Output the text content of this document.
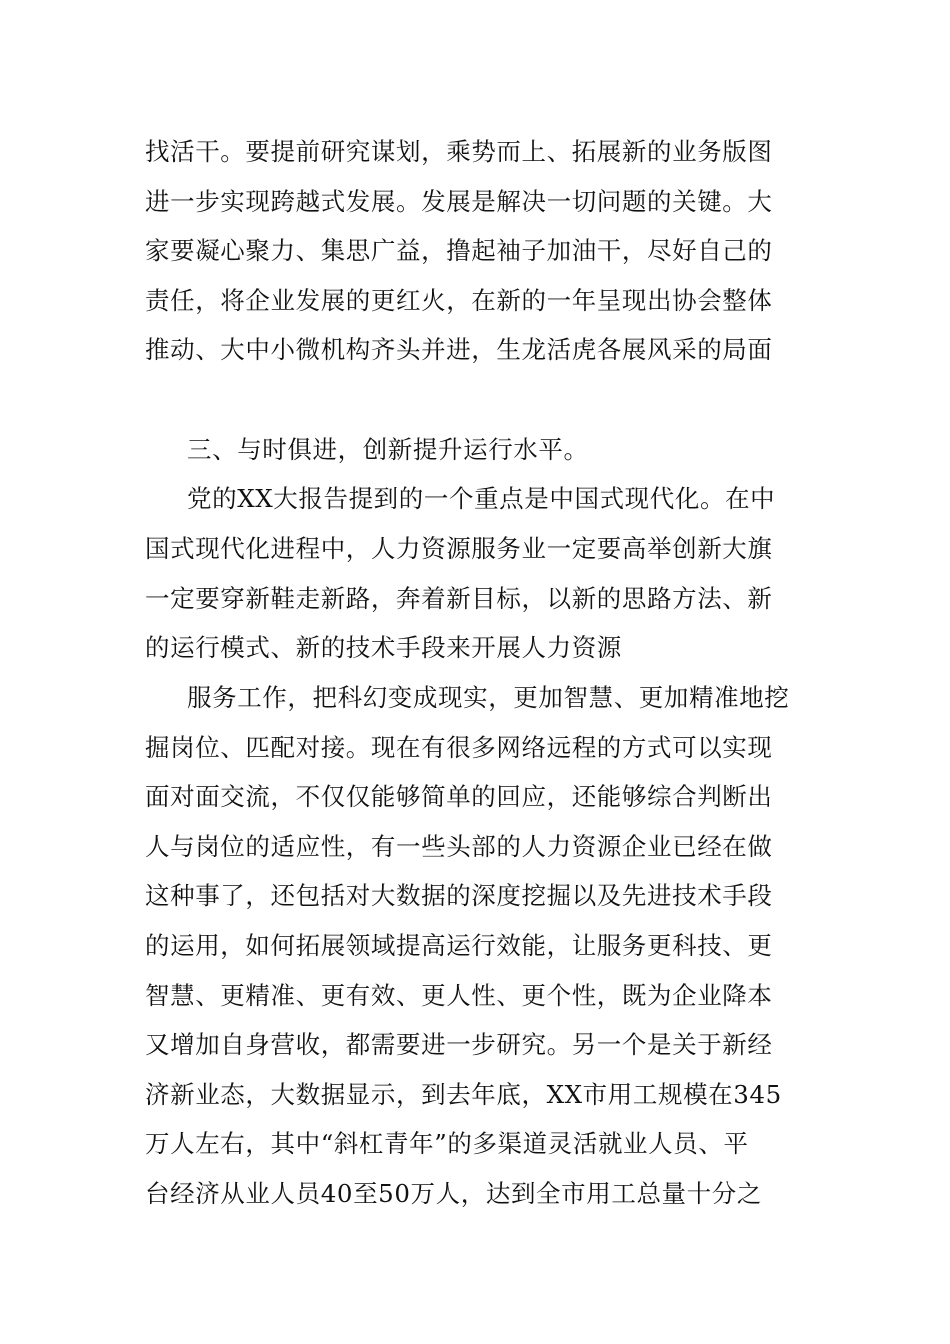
找活干。要提前研究谋划，乘势而上、拓展新的业务版图
进一步实现跨越式发展。发展是解决一切问题的关键。大
家要凝心聚力、集思广益，撸起袖子加油干，尽好自己的
责任，将企业发展的更红火，在新的一年呈现出协会整体
推动、大中小微机构齐头并进，生龙活虎各展风采的局面
三、与时俱进，创新提升运行水平。
党的XX大报告提到的一个重点是中国式现代化。在中
国式现代化进程中，人力资源服务业一定要高举创新大旗
一定要穿新鞋走新路，奔着新目标，以新的思路方法、新
的运行模式、新的技术手段来开展人力资源
服务工作，把科幻变成现实，更加智慧、更加精准地挖
掘岗位、匹配对接。现在有很多网络远程的方式可以实现
面对面交流，不仅仅能够简单的回应，还能够综合判断出
人与岗位的适应性，有一些头部的人力资源企业已经在做
这种事了，还包括对大数据的深度挖掘以及先进技术手段
的运用，如何拓展领域提高运行效能，让服务更科技、更
智慧、更精准、更有效、更人性、更个性，既为企业降本
又增加自身营收，都需要进一步研究。另一个是关于新经
济新业态，大数据显示，到去年底，XX市用工规模在345
万人左右，其中“斜杠青年”的多渠道灵活就业人员、平
台经济从业人员40至50万人，达到全市用工总量十分之
